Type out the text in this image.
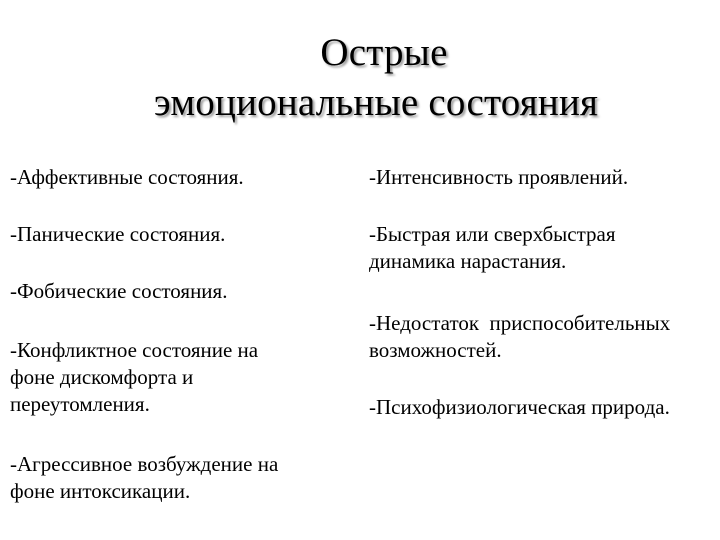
Острые
эмоциональные состояния
-Аффективные состояния.
-Панические состояния.
-Фобические состояния.
-Конфликтное состояние на
фоне дискомфорта и
переутомления.
-Агрессивное возбуждение на
фоне интоксикации.
-Интенсивность проявлений.
-Быстрая или сверхбыстрая
динамика нарастания.
-Недостаток  приспособительных
возможностей.
-Психофизиологическая природа.
